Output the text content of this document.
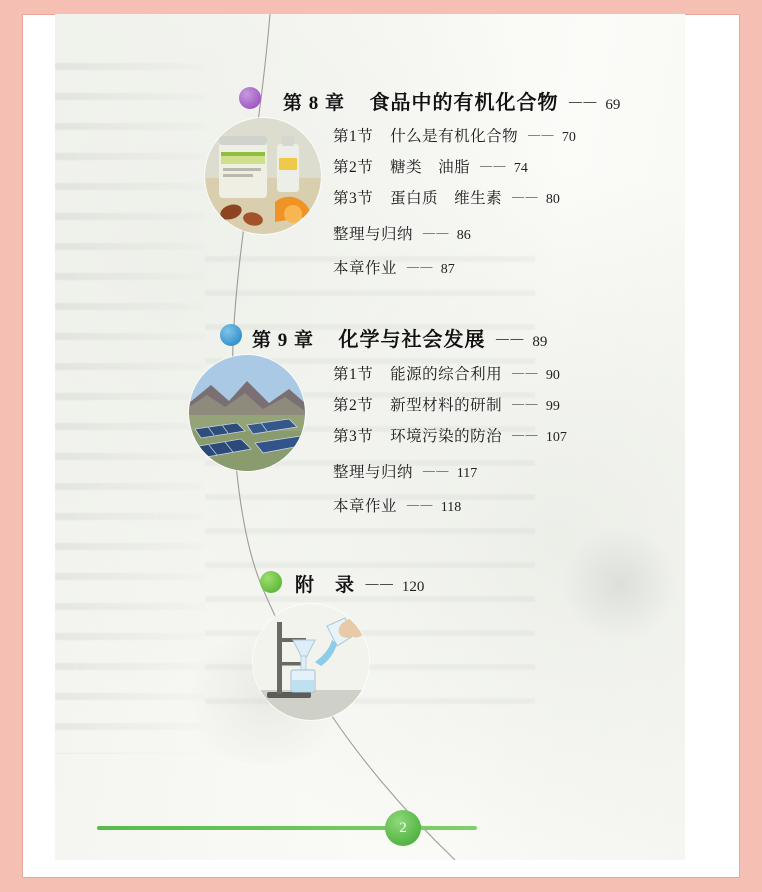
第 8 章 食品中的有机化合物 —— 69
第1节 什么是有机化合物 —— 70
第2节 糖类　油脂 —— 74
第3节 蛋白质　维生素 —— 80
整理与归纳 —— 86
本章作业 —— 87
第 9 章 化学与社会发展 —— 89
第1节 能源的综合利用 —— 90
第2节 新型材料的研制 —— 99
第3节 环境污染的防治 —— 107
整理与归纳 —— 117
本章作业 —— 118
附　录 —— 120
2
